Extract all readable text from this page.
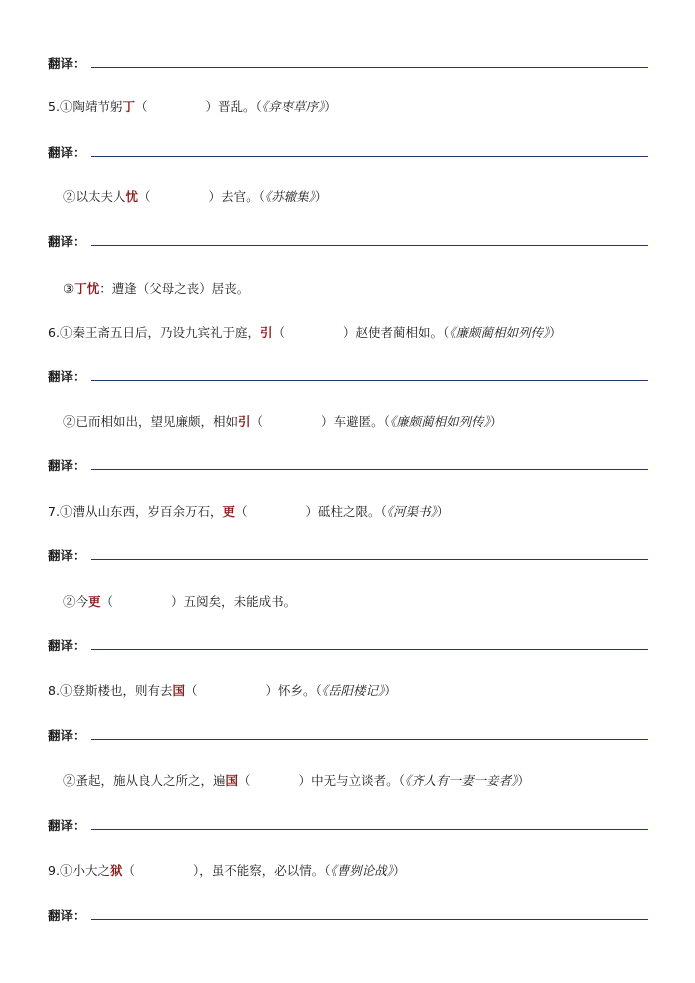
翻译：
5.①陶靖节躬丁（	）晋乱。（《弇枣草序》）
翻译：
②以太夫人忧（	）去官。（《苏辙集》）
翻译：
③丁忧：遭逢（父母之丧）居丧。
6.①秦王斋五日后，乃设九宾礼于庭，引（	）赵使者蔺相如。（《廉颇蔺相如列传》）
翻译：
②已而相如出，望见廉颇，相如引（	）车避匿。（《廉颇蔺相如列传》）
翻译：
7.①漕从山东西，岁百余万石，更（	）砥柱之限。（《河渠书》）
翻译：
②今更（	）五阅矣，未能成书。
翻译：
8.①登斯楼也，则有去国（	）怀乡。（《岳阳楼记》）
翻译：
②蚤起，施从良人之所之，遍国（	）中无与立谈者。（《齐人有一妻一妾者》）
翻译：
9.①小大之狱（	），虽不能察，必以情。（《曹刿论战》）
翻译：
